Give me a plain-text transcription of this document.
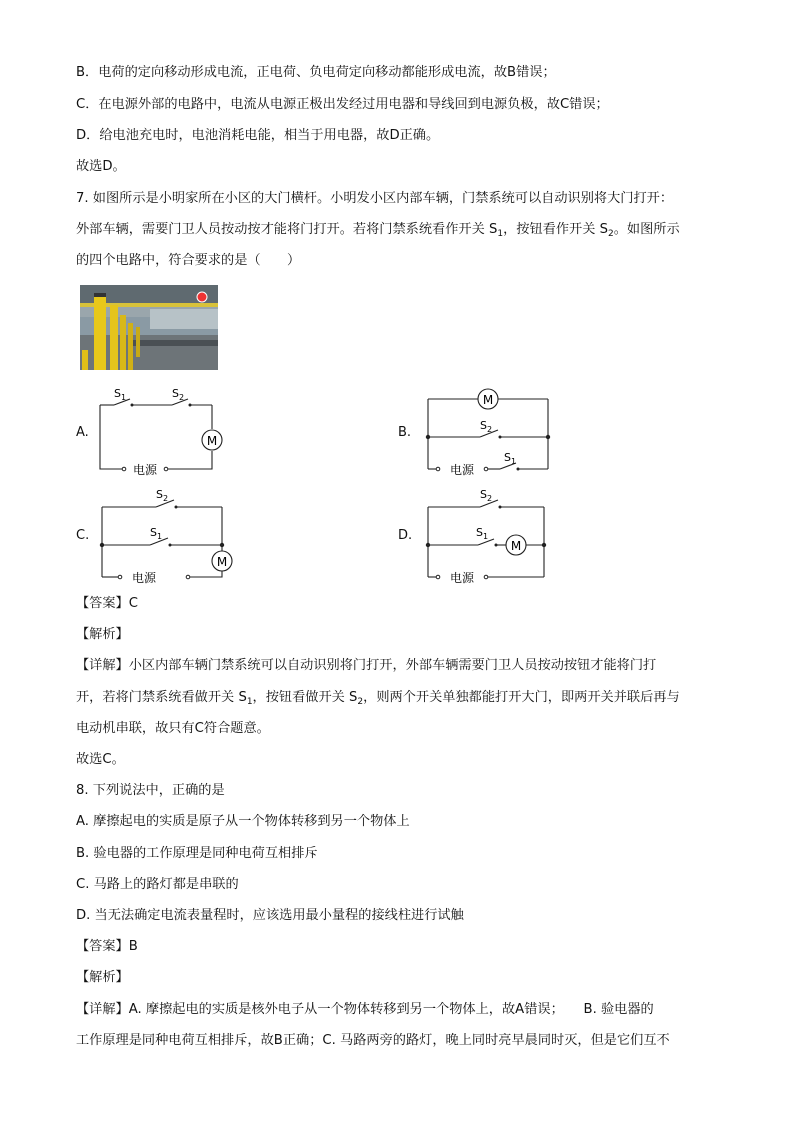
B．电荷的定向移动形成电流，正电荷、负电荷定向移动都能形成电流，故B错误；
C．在电源外部的电路中，电流从电源正极出发经过用电器和导线回到电源负极，故C错误；
D．给电池充电时，电池消耗电能，相当于用电器，故D正确。
故选D。
7. 如图所示是小明家所在小区的大门横杆。小明发小区内部车辆，门禁系统可以自动识别将大门打开：
外部车辆，需要门卫人员按动按才能将门打开。若将门禁系统看作开关 $S_1$，按钮看作开关 $S_2$。如图所示
的四个电路中，符合要求的是（　　）
A.
M
$S_1$	$S_2$
电源
B.
M
$S_2$
电源
$S_1$
C.
$S_2$
$S_1$
M
电源
D.
$S_2$
$S_1$
M
电源
【答案】C
【解析】
【详解】小区内部车辆门禁系统可以自动识别将门打开，外部车辆需要门卫人员按动按钮才能将门打
开，若将门禁系统看做开关 $S_1$，按钮看做开关 $S_2$，则两个开关单独都能打开大门，即两开关并联后再与
电动机串联，故只有C符合题意。
故选C。
8. 下列说法中，正确的是
A. 摩擦起电的实质是原子从一个物体转移到另一个物体上
B. 验电器的工作原理是同种电荷互相排斥
C. 马路上的路灯都是串联的
D. 当无法确定电流表量程时，应该选用最小量程的接线柱进行试触
【答案】B
【解析】
【详解】A. 摩擦起电的实质是核外电子从一个物体转移到另一个物体上，故A错误；　　B. 验电器的
工作原理是同种电荷互相排斥，故B正确；C. 马路两旁的路灯，晚上同时亮早晨同时灭，但是它们互不
